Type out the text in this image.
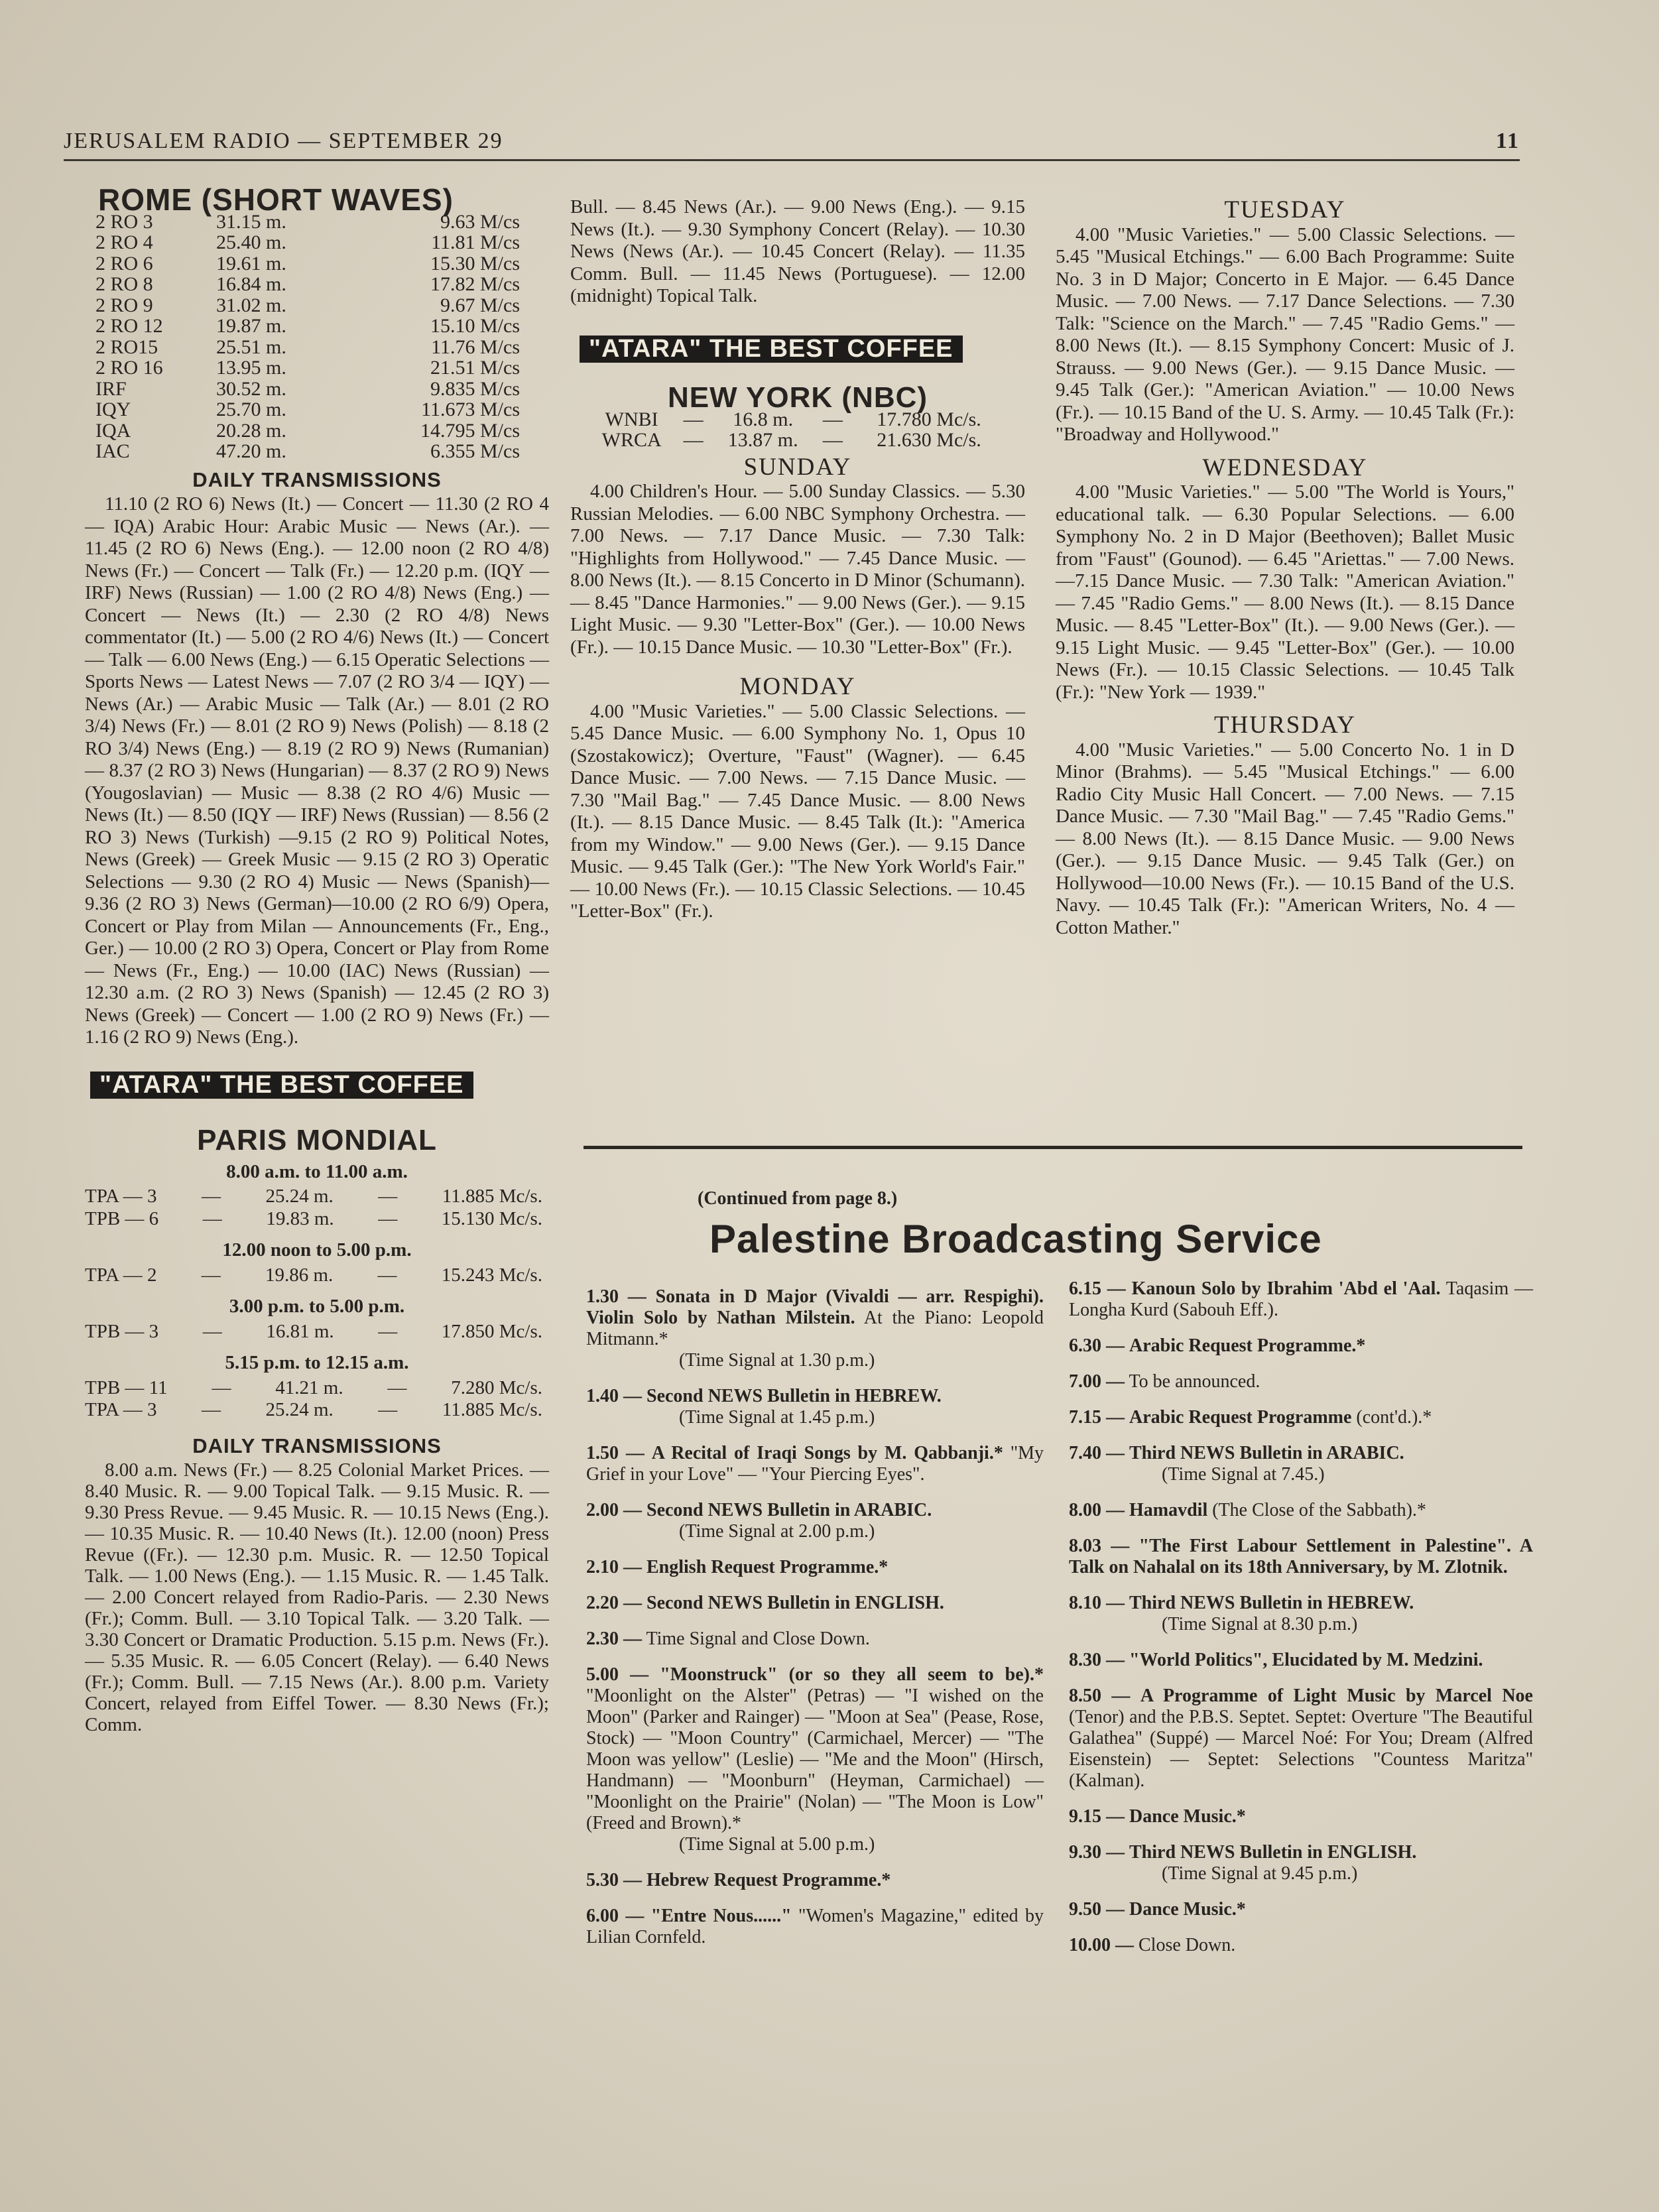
JERUSALEM RADIO — SEPTEMBER 29	11
ROME (SHORT WAVES)
2 RO 3	31.15 m.	9.63 M/cs
2 RO 4	25.40 m.	11.81 M/cs
2 RO 6	19.61 m.	15.30 M/cs
2 RO 8	16.84 m.	17.82 M/cs
2 RO 9	31.02 m.	9.67 M/cs
2 RO 12	19.87 m.	15.10 M/cs
2 RO15	25.51 m.	11.76 M/cs
2 RO 16	13.95 m.	21.51 M/cs
IRF	30.52 m.	9.835 M/cs
IQY	25.70 m.	11.673 M/cs
IQA	20.28 m.	14.795 M/cs
IAC	47.20 m.	6.355 M/cs
DAILY TRANSMISSIONS

11.10 (2 RO 6) News (It.) — Concert — 11.30 (2 RO 4 — IQA) Arabic Hour: Arabic Music — News (Ar.). — 11.45 (2 RO 6) News (Eng.). — 12.00 noon (2 RO 4/8) News (Fr.) — Concert — Talk (Fr.) — 12.20 p.m. (IQY — IRF) News (Russian) — 1.00 (2 RO 4/8) News (Eng.) — Concert — News (It.) — 2.30 (2 RO 4/8) News commentator (It.) — 5.00 (2 RO 4/6) News (It.) — Concert — Talk — 6.00 News (Eng.) — 6.15 Operatic Selections — Sports News — Latest News — 7.07 (2 RO 3/4 — IQY) — News (Ar.) — Arabic Music — Talk (Ar.) — 8.01 (2 RO 3/4) News (Fr.) — 8.01 (2 RO 9) News (Polish) — 8.18 (2 RO 3/4) News (Eng.) — 8.19 (2 RO 9) News (Rumanian) — 8.37 (2 RO 3) News (Hungarian) — 8.37 (2 RO 9) News (Yougoslavian) — Music — 8.38 (2 RO 4/6) Music — News (It.) — 8.50 (IQY — IRF) News (Russian) — 8.56 (2 RO 3) News (Turkish) —9.15 (2 RO 9) Political Notes, News (Greek) — Greek Music — 9.15 (2 RO 3) Operatic Selections — 9.30 (2 RO 4) Music — News (Spanish)—9.36 (2 RO 3) News (German)—10.00 (2 RO 6/9) Opera, Concert or Play from Milan — Announcements (Fr., Eng., Ger.) — 10.00 (2 RO 3) Opera, Concert or Play from Rome — News (Fr., Eng.) — 10.00 (IAC) News (Russian) — 12.30 a.m. (2 RO 3) News (Spanish) — 12.45 (2 RO 3) News (Greek) — Concert — 1.00 (2 RO 9) News (Fr.) — 1.16 (2 RO 9) News (Eng.).

"ATARA" THE BEST COFFEE
PARIS MONDIAL
8.00 a.m. to 11.00 a.m.
TPA — 3 — 25.24 m. — 11.885 Mc/s.
TPB — 6 — 19.83 m. — 15.130 Mc/s.
12.00 noon to 5.00 p.m.
TPA — 2 — 19.86 m. — 15.243 Mc/s.
3.00 p.m. to 5.00 p.m.
TPB — 3 — 16.81 m. — 17.850 Mc/s.
5.15 p.m. to 12.15 a.m.
TPB — 11 — 41.21 m. — 7.280 Mc/s.
TPA — 3 — 25.24 m. — 11.885 Mc/s.
DAILY TRANSMISSIONS

8.00 a.m. News (Fr.) — 8.25 Colonial Market Prices. — 8.40 Music. R. — 9.00 Topical Talk. — 9.15 Music. R. — 9.30 Press Revue. — 9.45 Music. R. — 10.15 News (Eng.). — 10.35 Music. R. — 10.40 News (It.). 12.00 (noon) Press Revue ((Fr.). — 12.30 p.m. Music. R. — 12.50 Topical Talk. — 1.00 News (Eng.). — 1.15 Music. R. — 1.45 Talk. — 2.00 Concert relayed from Radio-Paris. — 2.30 News (Fr.); Comm. Bull. — 3.10 Topical Talk. — 3.20 Talk. — 3.30 Concert or Dramatic Production. 5.15 p.m. News (Fr.). — 5.35 Music. R. — 6.05 Concert (Relay). — 6.40 News (Fr.); Comm. Bull. — 7.15 News (Ar.). 8.00 p.m. Variety Concert, relayed from Eiffel Tower. — 8.30 News (Fr.); Comm.

Bull. — 8.45 News (Ar.). — 9.00 News (Eng.). — 9.15 News (It.). — 9.30 Symphony Concert (Relay). — 10.30 News (News (Ar.). — 10.45 Concert (Relay). — 11.35 Comm. Bull. — 11.45 News (Portuguese). — 12.00 (midnight) Topical Talk.
"ATARA" THE BEST COFFEE
NEW YORK (NBC)
WNBI	—	16.8 m.	—	17.780 Mc/s.
WRCA	—	13.87 m.	—	21.630 Mc/s.
SUNDAY

4.00 Children's Hour. — 5.00 Sunday Classics. — 5.30 Russian Melodies. — 6.00 NBC Symphony Orchestra. — 7.00 News. — 7.17 Dance Music. — 7.30 Talk: "Highlights from Hollywood." — 7.45 Dance Music. — 8.00 News (It.). — 8.15 Concerto in D Minor (Schumann). — 8.45 "Dance Harmonies." — 9.00 News (Ger.). — 9.15 Light Music. — 9.30 "Letter-Box" (Ger.). — 10.00 News (Fr.). — 10.15 Dance Music. — 10.30 "Letter-Box" (Fr.).

MONDAY

4.00 "Music Varieties." — 5.00 Classic Selections. — 5.45 Dance Music. — 6.00 Symphony No. 1, Opus 10 (Szostakowicz); Overture, "Faust" (Wagner). — 6.45 Dance Music. — 7.00 News. — 7.15 Dance Music. — 7.30 "Mail Bag." — 7.45 Dance Music. — 8.00 News (It.). — 8.15 Dance Music. — 8.45 Talk (It.): "America from my Window." — 9.00 News (Ger.). — 9.15 Dance Music. — 9.45 Talk (Ger.): "The New York World's Fair." — 10.00 News (Fr.). — 10.15 Classic Selections. — 10.45 "Letter-Box" (Fr.).

TUESDAY

4.00 "Music Varieties." — 5.00 Classic Selections. — 5.45 "Musical Etchings." — 6.00 Bach Programme: Suite No. 3 in D Major; Concerto in E Major. — 6.45 Dance Music. — 7.00 News. — 7.17 Dance Selections. — 7.30 Talk: "Science on the March." — 7.45 "Radio Gems." — 8.00 News (It.). — 8.15 Symphony Concert: Music of J. Strauss. — 9.00 News (Ger.). — 9.15 Dance Music. — 9.45 Talk (Ger.): "American Aviation." — 10.00 News (Fr.). — 10.15 Band of the U. S. Army. — 10.45 Talk (Fr.): "Broadway and Hollywood."

WEDNESDAY

4.00 "Music Varieties." — 5.00 "The World is Yours," educational talk. — 6.30 Popular Selections. — 6.00 Symphony No. 2 in D Major (Beethoven); Ballet Music from "Faust" (Gounod). — 6.45 "Ariettas." — 7.00 News. —7.15 Dance Music. — 7.30 Talk: "American Aviation." — 7.45 "Radio Gems." — 8.00 News (It.). — 8.15 Dance Music. — 8.45 "Letter-Box" (It.). — 9.00 News (Ger.). — 9.15 Light Music. — 9.45 "Letter-Box" (Ger.). — 10.00 News (Fr.). — 10.15 Classic Selections. — 10.45 Talk (Fr.): "New York — 1939."

THURSDAY

4.00 "Music Varieties." — 5.00 Concerto No. 1 in D Minor (Brahms). — 5.45 "Musical Etchings." — 6.00 Radio City Music Hall Concert. — 7.00 News. — 7.15 Dance Music. — 7.30 "Mail Bag." — 7.45 "Radio Gems." — 8.00 News (It.). — 8.15 Dance Music. — 9.00 News (Ger.). — 9.15 Dance Music. — 9.45 Talk (Ger.) on Hollywood—10.00 News (Fr.). — 10.15 Band of the U.S. Navy. — 10.45 Talk (Fr.): "American Writers, No. 4 — Cotton Mather."

(Continued from page 8.)
Palestine Broadcasting Service
1.30 — Sonata in D Major (Vivaldi — arr. Respighi). Violin Solo by Nathan Milstein. At the Piano: Leopold Mitmann.*
(Time Signal at 1.30 p.m.)
1.40 — Second NEWS Bulletin in HEBREW.
(Time Signal at 1.45 p.m.)
1.50 — A Recital of Iraqi Songs by M. Qabbanji.* "My Grief in your Love" — "Your Piercing Eyes".
2.00 — Second NEWS Bulletin in ARABIC.
(Time Signal at 2.00 p.m.)
2.10 — English Request Programme.*
2.20 — Second NEWS Bulletin in ENGLISH.
2.30 — Time Signal and Close Down.
5.00 — "Moonstruck" (or so they all seem to be).* "Moonlight on the Alster" (Petras) — "I wished on the Moon" (Parker and Rainger) — "Moon at Sea" (Pease, Rose, Stock) — "Moon Country" (Carmichael, Mercer) — "The Moon was yellow" (Leslie) — "Me and the Moon" (Hirsch, Handmann) — "Moonburn" (Heyman, Carmichael) — "Moonlight on the Prairie" (Nolan) — "The Moon is Low" (Freed and Brown).*
(Time Signal at 5.00 p.m.)
5.30 — Hebrew Request Programme.*
6.00 — "Entre Nous......" "Women's Magazine," edited by Lilian Cornfeld.
6.15 — Kanoun Solo by Ibrahim 'Abd el 'Aal. Taqasim — Longha Kurd (Sabouh Eff.).
6.30 — Arabic Request Programme.*
7.00 — To be announced.
7.15 — Arabic Request Programme (cont'd.).*
7.40 — Third NEWS Bulletin in ARABIC.
(Time Signal at 7.45.)
8.00 — Hamavdil (The Close of the Sabbath).*
8.03 — "The First Labour Settlement in Palestine". A Talk on Nahalal on its 18th Anniversary, by M. Zlotnik.
8.10 — Third NEWS Bulletin in HEBREW.
(Time Signal at 8.30 p.m.)
8.30 — "World Politics", Elucidated by M. Medzini.
8.50 — A Programme of Light Music by Marcel Noe (Tenor) and the P.B.S. Septet. Septet: Overture "The Beautiful Galathea" (Suppé) — Marcel Noé: For You; Dream (Alfred Eisenstein) — Septet: Selections "Countess Maritza" (Kalman).
9.15 — Dance Music.*
9.30 — Third NEWS Bulletin in ENGLISH.
(Time Signal at 9.45 p.m.)
9.50 — Dance Music.*
10.00 — Close Down.
